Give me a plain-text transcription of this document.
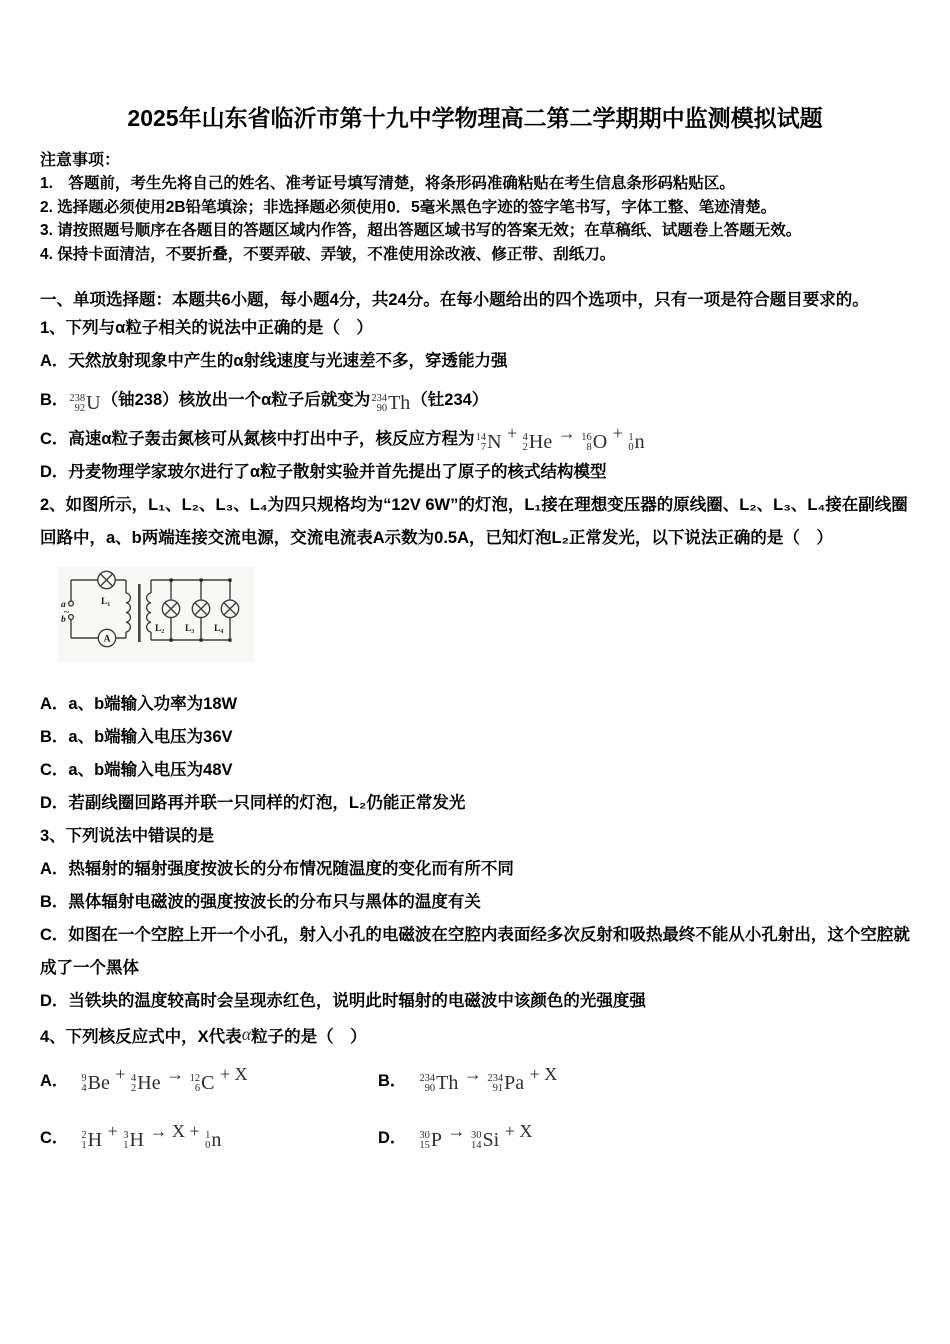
2025年山东省临沂市第十九中学物理高二第二学期期中监测模拟试题

注意事项：

1.　答题前，考生先将自己的姓名、准考证号填写清楚，将条形码准确粘贴在考生信息条形码粘贴区。

2. 选择题必须使用2B铅笔填涂；非选择题必须使用0．5毫米黑色字迹的签字笔书写，字体工整、笔迹清楚。

3. 请按照题号顺序在各题目的答题区域内作答，超出答题区域书写的答案无效；在草稿纸、试题卷上答题无效。

4. 保持卡面清洁，不要折叠，不要弄破、弄皱，不准使用涂改液、修正带、刮纸刀。

一、单项选择题：本题共6小题，每小题4分，共24分。在每小题给出的四个选项中，只有一项是符合题目要求的。

1、下列与α粒子相关的说法中正确的是（　）

A．天然放射现象中产生的α射线速度与光速差不多，穿透能力强

B． 238
92 U （铀238）核放出一个α粒子后就变为 234
90 Th （钍234）

C．高速α粒子轰击氮核可从氮核中打出中子，核反应方程为 14
7 N + 4
2 He → 16
8 O + 1
0 n

D．丹麦物理学家玻尔进行了α粒子散射实验并首先提出了原子的核式结构模型

2、如图所示，L₁、L₂、L₃、L₄为四只规格均为“12V 6W”的灯泡，L₁接在理想变压器的原线圈、L₂、L₃、L₄接在副线圈回路中，a、b两端连接交流电源，交流电流表A示数为0.5A，已知灯泡L₂正常发光，以下说法正确的是（　）

L₁
a
~
b
A
L₂ L₃ L₄

A．a、b端输入功率为18W

B．a、b端输入电压为36V

C．a、b端输入电压为48V

D．若副线圈回路再并联一只同样的灯泡，L₂仍能正常发光

3、下列说法中错误的是

A．热辐射的辐射强度按波长的分布情况随温度的变化而有所不同

B．黑体辐射电磁波的强度按波长的分布只与黑体的温度有关

C．如图在一个空腔上开一个小孔，射入小孔的电磁波在空腔内表面经多次反射和吸热最终不能从小孔射出，这个空腔就成了一个黑体

D．当铁块的温度较高时会呈现赤红色，说明此时辐射的电磁波中该颜色的光强度强

4、下列核反应式中，X代表α粒子的是（　）

A． 9
4 Be + 4
2 He → 12
6 C + X	B． 234
90 Th → 234
91 Pa + X
C． 2
1 H + 3
1 H → X + 1
0 n	D． 30
15 P → 30
14 Si + X
